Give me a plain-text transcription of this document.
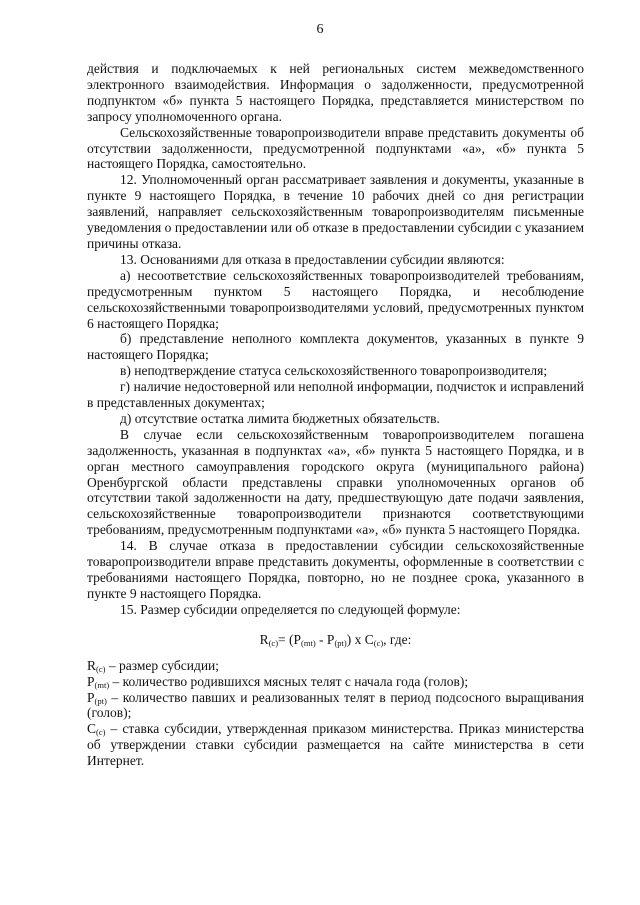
6

действия и подключаемых к ней региональных систем межведомственного электронного взаимодействия. Информация о задолженности, предусмотренной подпунктом «б» пункта 5 настоящего Порядка, представляется министерством по запросу уполномоченного органа.

Сельскохозяйственные товаропроизводители вправе представить документы об отсутствии задолженности, предусмотренной подпунктами «а», «б» пункта 5 настоящего Порядка, самостоятельно.

12. Уполномоченный орган рассматривает заявления и документы, указанные в пункте 9 настоящего Порядка, в течение 10 рабочих дней со дня регистрации заявлений, направляет сельскохозяйственным товаропроизводителям письменные уведомления о предоставлении или об отказе в предоставлении субсидии с указанием причины отказа.

13. Основаниями для отказа в предоставлении субсидии являются:

а) несоответствие сельскохозяйственных товаропроизводителей требованиям, предусмотренным пунктом 5 настоящего Порядка, и несоблюдение сельскохозяйственными товаропроизводителями условий, предусмотренных пунктом 6 настоящего Порядка;

б) представление неполного комплекта документов, указанных в пункте 9 настоящего Порядка;

в) неподтверждение статуса сельскохозяйственного товаропроизводителя;

г) наличие недостоверной или неполной информации, подчисток и исправлений в представленных документах;

д) отсутствие остатка лимита бюджетных обязательств.

В случае если сельскохозяйственным товаропроизводителем погашена задолженность, указанная в подпунктах «а», «б» пункта 5 настоящего Порядка, и в орган местного самоуправления городского округа (муниципального района) Оренбургской области представлены справки уполномоченных органов об отсутствии такой задолженности на дату, предшествующую дате подачи заявления, сельскохозяйственные товаропроизводители признаются соответствующими требованиям, предусмотренным подпунктами «а», «б» пункта 5 настоящего Порядка.

14. В случае отказа в предоставлении субсидии сельскохозяйственные товаропроизводители вправе представить документы, оформленные в соответствии с требованиями настоящего Порядка, повторно, но не позднее срока, указанного в пункте 9 настоящего Порядка.

15. Размер субсидии определяется по следующей формуле:

$R_{(c)}= (P_{(mt)} - P_{(pt)})$ x $C_{(c)}$, где:

$R_{(c)}$ – размер субсидии;

$P_{(mt)}$ – количество родившихся мясных телят с начала года (голов);

$P_{(pt)}$ – количество павших и реализованных телят в период подсосного выращивания (голов);

$C_{(c)}$ – ставка субсидии, утвержденная приказом министерства. Приказ министерства об утверждении ставки субсидии размещается на сайте министерства в сети Интернет.
